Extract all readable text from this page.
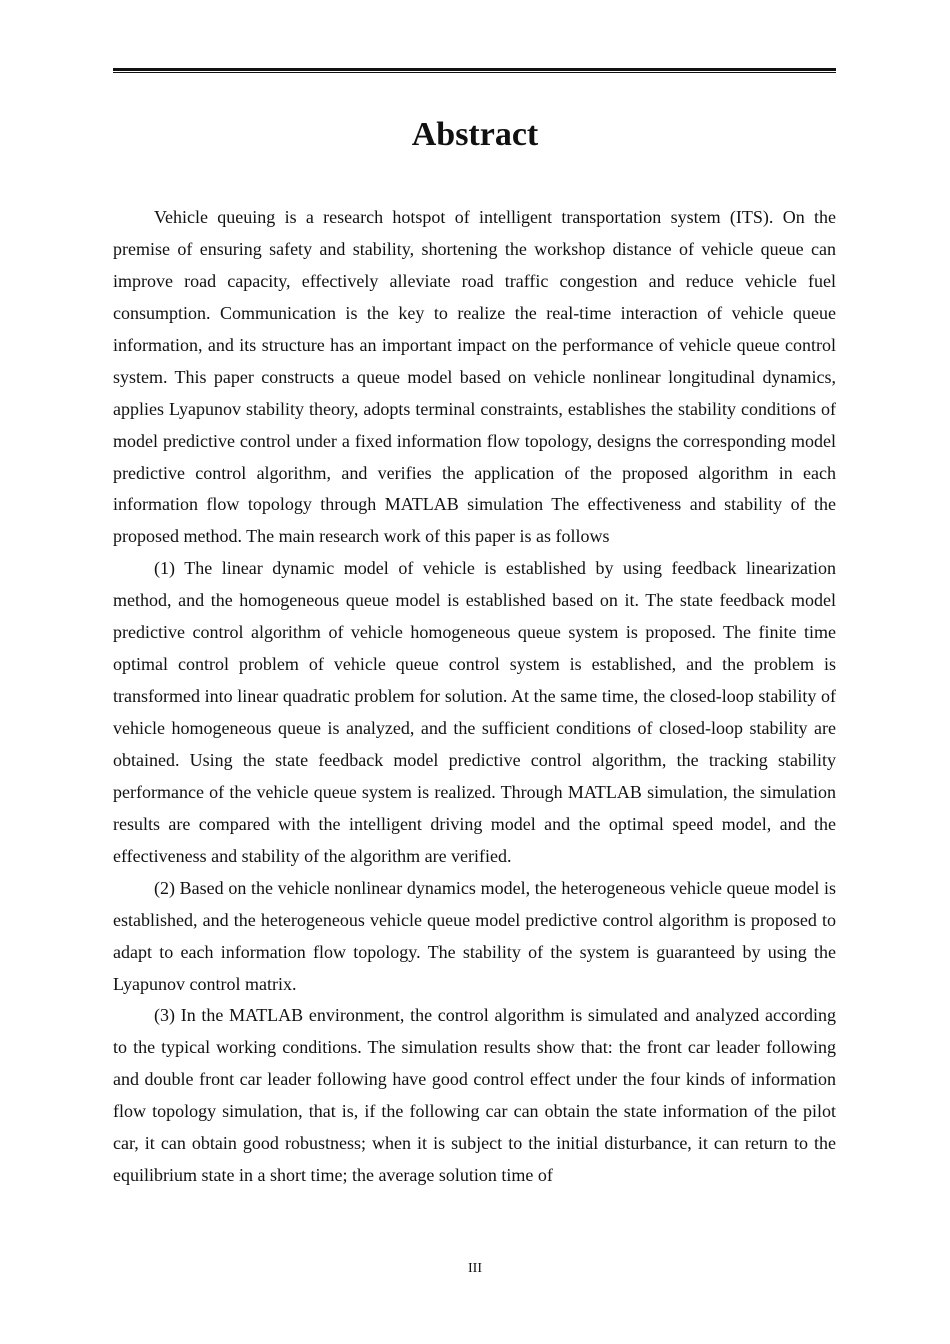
Abstract

Vehicle queuing is a research hotspot of intelligent transportation system (ITS). On the premise of ensuring safety and stability, shortening the workshop distance of vehicle queue can improve road capacity, effectively alleviate road traffic congestion and reduce vehicle fuel consumption. Communication is the key to realize the real-time interaction of vehicle queue information, and its structure has an important impact on the performance of vehicle queue control system. This paper constructs a queue model based on vehicle nonlinear longitudinal dynamics, applies Lyapunov stability theory, adopts terminal constraints, establishes the stability conditions of model predictive control under a fixed information flow topology, designs the corresponding model predictive control algorithm, and verifies the application of the proposed algorithm in each information flow topology through MATLAB simulation The effectiveness and stability of the proposed method. The main research work of this paper is as follows

(1) The linear dynamic model of vehicle is established by using feedback linearization method, and the homogeneous queue model is established based on it. The state feedback model predictive control algorithm of vehicle homogeneous queue system is proposed. The finite time optimal control problem of vehicle queue control system is established, and the problem is transformed into linear quadratic problem for solution. At the same time, the closed-loop stability of vehicle homogeneous queue is analyzed, and the sufficient conditions of closed-loop stability are obtained. Using the state feedback model predictive control algorithm, the tracking stability performance of the vehicle queue system is realized. Through MATLAB simulation, the simulation results are compared with the intelligent driving model and the optimal speed model, and the effectiveness and stability of the algorithm are verified.

(2) Based on the vehicle nonlinear dynamics model, the heterogeneous vehicle queue model is established, and the heterogeneous vehicle queue model predictive control algorithm is proposed to adapt to each information flow topology. The stability of the system is guaranteed by using the Lyapunov control matrix.

(3) In the MATLAB environment, the control algorithm is simulated and analyzed according to the typical working conditions. The simulation results show that: the front car leader following and double front car leader following have good control effect under the four kinds of information flow topology simulation, that is, if the following car can obtain the state information of the pilot car, it can obtain good robustness; when it is subject to the initial disturbance, it can return to the equilibrium state in a short time; the average solution time of

III
